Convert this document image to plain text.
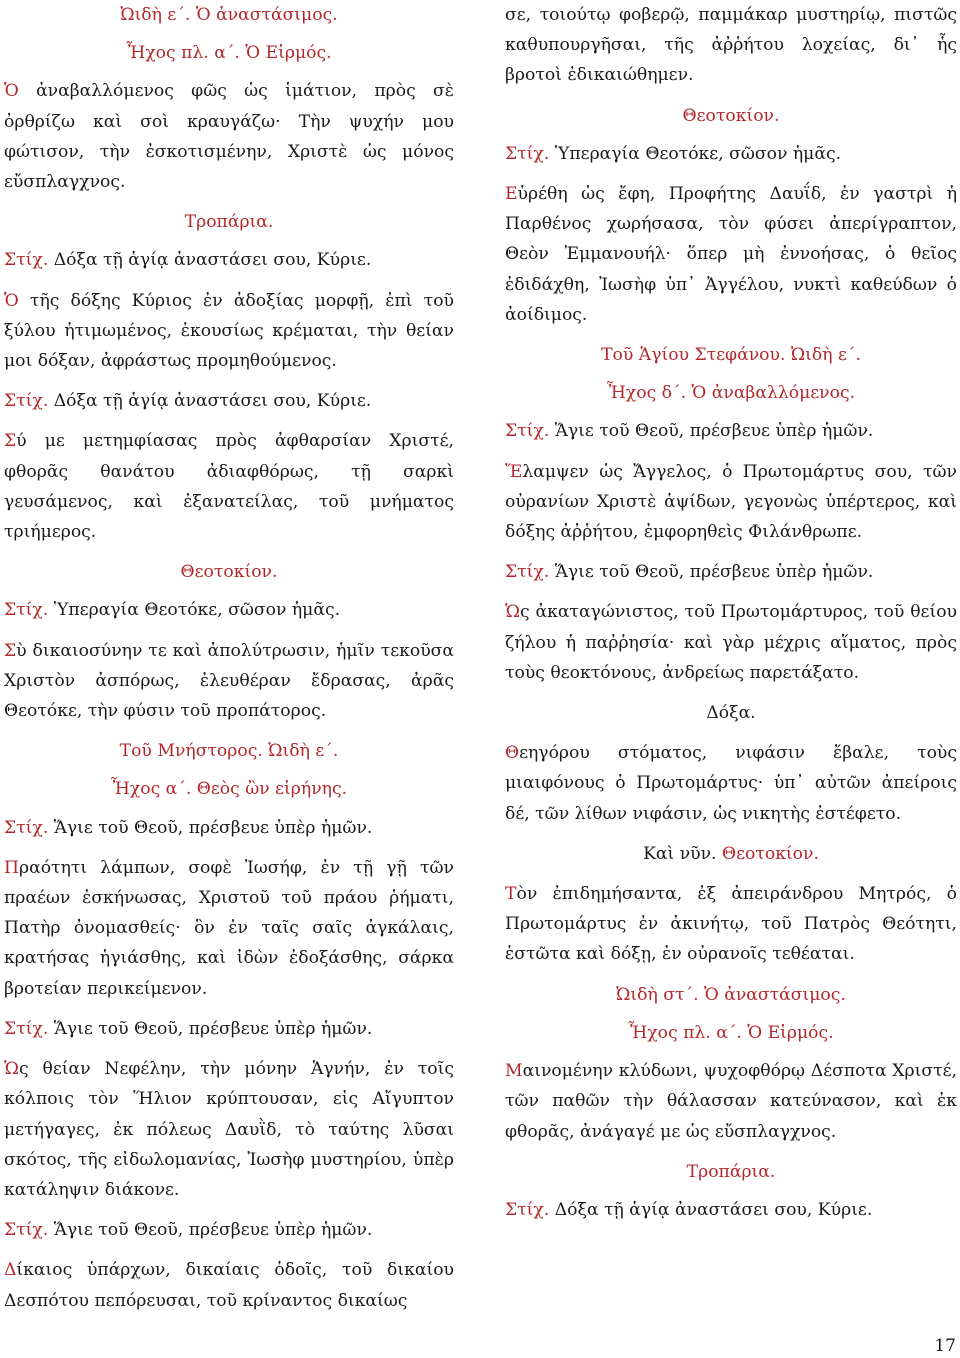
Ὠιδὴ ε΄. Ὁ ἀναστάσιμος.
Ἦχος πλ. α΄. Ὁ Εἱρμός.
Ὁ ἀναβαλλόμενος φῶς ὡς ἱμάτιον, πρὸς σὲ ὀρθρίζω καὶ σοὶ κραυγάζω· Τὴν ψυχήν μου φώτισον, τὴν ἐσκοτισμένην, Χριστὲ ὡς μόνος εὔσπλαγχνος.
Τροπάρια.
Στίχ. Δόξα τῇ ἁγίᾳ ἀναστάσει σου, Κύριε.
Ὁ τῆς δόξης Κύριος ἐν ἀδοξίας μορφῇ, ἐπὶ τοῦ ξύλου ἠτιμωμένος, ἑκουσίως κρέμαται, τὴν θείαν μοι δόξαν, ἀφράστως προμηθούμενος.
Στίχ. Δόξα τῇ ἁγίᾳ ἀναστάσει σου, Κύριε.
Σύ με μετημφίασας πρὸς ἀφθαρσίαν Χριστέ, φθορᾶς θανάτου ἀδιαφθόρως, τῇ σαρκὶ γευσάμενος, καὶ ἐξανατείλας, τοῦ μνήματος τριήμερος.
Θεοτοκίον.
Στίχ. Ὑπεραγία Θεοτόκε, σῶσον ἡμᾶς.
Σὺ δικαιοσύνην τε καὶ ἀπολύτρωσιν, ἡμῖν τεκοῦσα Χριστὸν ἀσπόρως, ἐλευθέραν ἔδρασας, ἀρᾶς Θεοτόκε, τὴν φύσιν τοῦ προπάτορος.
Τοῦ Μνήστορος. Ὠιδὴ ε΄.
Ἦχος α΄. Θεὸς ὢν εἰρήνης.
Στίχ. Ἅγιε τοῦ Θεοῦ, πρέσβευε ὑπὲρ ἡμῶν.
Πραότητι λάμπων, σοφὲ Ἰωσήφ, ἐν τῇ γῇ τῶν πραέων ἐσκήνωσας, Χριστοῦ τοῦ πράου ῥήματι, Πατὴρ ὀνομασθείς· ὃν ἐν ταῖς σαῖς ἀγκάλαις, κρατήσας ἡγιάσθης, καὶ ἰδὼν ἐδοξάσθης, σάρκα βροτείαν περικείμενον.
Στίχ. Ἅγιε τοῦ Θεοῦ, πρέσβευε ὑπὲρ ἡμῶν.
Ὡς θείαν Νεφέλην, τὴν μόνην Ἁγνήν, ἐν τοῖς κόλποις τὸν Ἥλιον κρύπτουσαν, εἰς Αἴγυπτον μετήγαγες, ἐκ πόλεως Δαυῒδ, τὸ ταύτης λῦσαι σκότος, τῆς εἰδωλομανίας, Ἰωσὴφ μυστηρίου, ὑπὲρ κατάληψιν διάκονε.
Στίχ. Ἅγιε τοῦ Θεοῦ, πρέσβευε ὑπὲρ ἡμῶν.
Δίκαιος ὑπάρχων, δικαίαις ὁδοῖς, τοῦ δικαίου Δεσπότου πεπόρευσαι, τοῦ κρίναντος δικαίως
σε, τοιούτῳ φοβερῷ, παμμάκαρ μυστηρίῳ, πιστῶς καθυπουργῆσαι, τῆς ἀῤῥήτου λοχείας, δι᾿ ἧς βροτοὶ ἐδικαιώθημεν.
Θεοτοκίον.
Στίχ. Ὑπεραγία Θεοτόκε, σῶσον ἡμᾶς.
Εὑρέθη ὡς ἔφη, Προφήτης Δαυΐδ, ἐν γαστρὶ ἡ Παρθένος χωρήσασα, τὸν φύσει ἀπερίγραπτον, Θεὸν Ἐμμανουήλ· ὅπερ μὴ ἐννοήσας, ὁ θεῖος ἐδιδάχθη, Ἰωσὴφ ὑπ᾿ Ἀγγέλου, νυκτὶ καθεύδων ὁ ἀοίδιμος.
Τοῦ Ἁγίου Στεφάνου. Ὠιδὴ ε΄.
Ἦχος δ΄. Ὁ ἀναβαλλόμενος.
Στίχ. Ἅγιε τοῦ Θεοῦ, πρέσβευε ὑπὲρ ἡμῶν.
Ἔλαμψεν ὡς Ἄγγελος, ὁ Πρωτομάρτυς σου, τῶν οὐρανίων Χριστὲ ἁψίδων, γεγονὼς ὑπέρτερος, καὶ δόξης ἀῤῥήτου, ἐμφορηθεὶς Φιλάνθρωπε.
Στίχ. Ἅγιε τοῦ Θεοῦ, πρέσβευε ὑπὲρ ἡμῶν.
Ὡς ἀκαταγώνιστος, τοῦ Πρωτομάρτυρος, τοῦ θείου ζήλου ἡ παῤῥησία· καὶ γὰρ μέχρις αἵματος, πρὸς τοὺς θεοκτόνους, ἀνδρείως παρετάξατο.
Δόξα.
Θεηγόρου στόματος, νιφάσιν ἔβαλε, τοὺς μιαιφόνους ὁ Πρωτομάρτυς· ὑπ᾿ αὐτῶν ἀπείροις δέ, τῶν λίθων νιφάσιν, ὡς νικητὴς ἐστέφετο.
Καὶ νῦν. Θεοτοκίον.
Τὸν ἐπιδημήσαντα, ἐξ ἀπειράνδρου Μητρός, ὁ Πρωτομάρτυς ἐν ἀκινήτῳ, τοῦ Πατρὸς Θεότητι, ἑστῶτα καὶ δόξῃ, ἐν οὐρανοῖς τεθέαται.
Ὠιδὴ στ΄. Ὁ ἀναστάσιμος.
Ἦχος πλ. α΄. Ὁ Εἱρμός.
Μαινομένην κλύδωνι, ψυχοφθόρῳ Δέσποτα Χριστέ, τῶν παθῶν τὴν θάλασσαν κατεύνασον, καὶ ἐκ φθορᾶς, ἀνάγαγέ με ὡς εὔσπλαγχνος.
Τροπάρια.
Στίχ. Δόξα τῇ ἁγίᾳ ἀναστάσει σου, Κύριε.
17
